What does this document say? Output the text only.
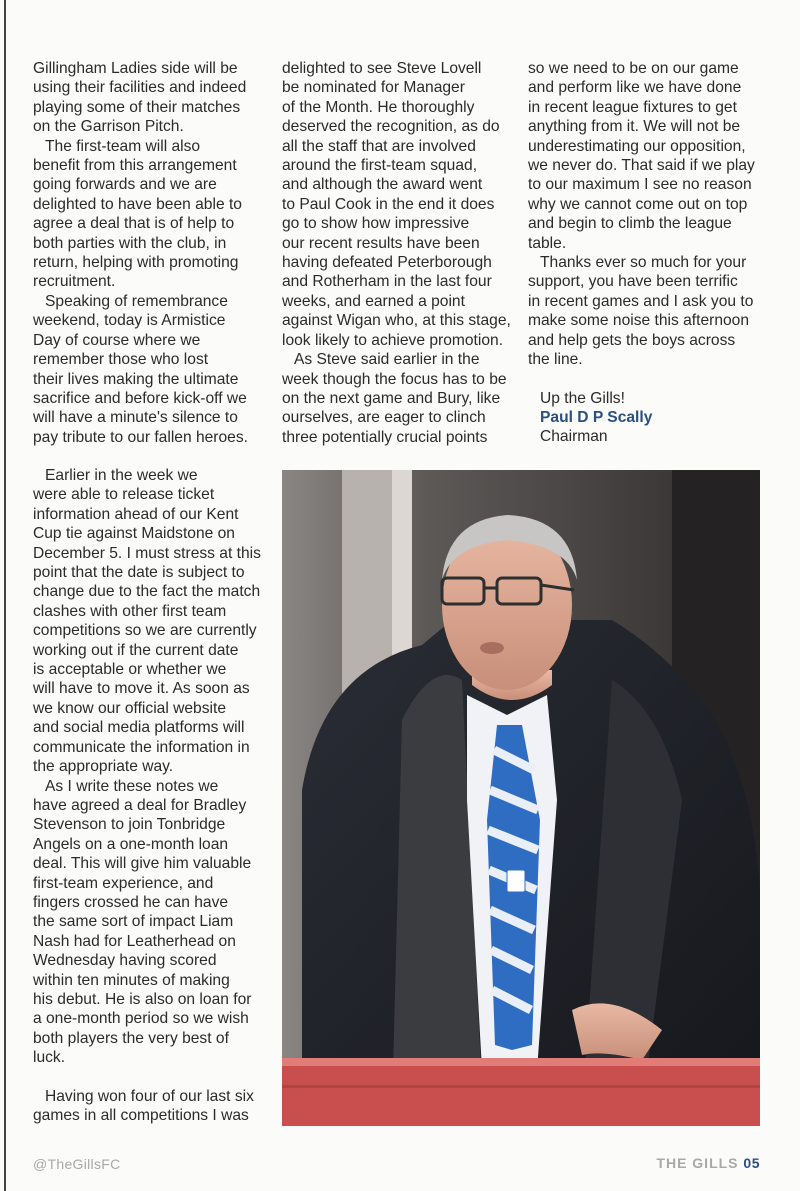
Gillingham Ladies side will be
using their facilities and indeed
playing some of their matches
on the Garrison Pitch.
The first-team will also
benefit from this arrangement
going forwards and we are
delighted to have been able to
agree a deal that is of help to
both parties with the club, in
return, helping with promoting
recruitment.
Speaking of remembrance
weekend, today is Armistice
Day of course where we
remember those who lost
their lives making the ultimate
sacrifice and before kick-off we
will have a minute's silence to
pay tribute to our fallen heroes.
delighted to see Steve Lovell
be nominated for Manager
of the Month. He thoroughly
deserved the recognition, as do
all the staff that are involved
around the first-team squad,
and although the award went
to Paul Cook in the end it does
go to show how impressive
our recent results have been
having defeated Peterborough
and Rotherham in the last four
weeks, and earned a point
against Wigan who, at this stage,
look likely to achieve promotion.
As Steve said earlier in the
week though the focus has to be
on the next game and Bury, like
ourselves, are eager to clinch
three potentially crucial points
so we need to be on our game
and perform like we have done
in recent league fixtures to get
anything from it. We will not be
underestimating our opposition,
we never do. That said if we play
to our maximum I see no reason
why we cannot come out on top
and begin to climb the league
table.
Thanks ever so much for your
support, you have been terrific
in recent games and I ask you to
make some noise this afternoon
and help gets the boys across
the line.
Up the Gills!
Paul D P Scally
Chairman
Earlier in the week we
were able to release ticket
information ahead of our Kent
Cup tie against Maidstone on
December 5. I must stress at this
point that the date is subject to
change due to the fact the match
clashes with other first team
competitions so we are currently
working out if the current date
is acceptable or whether we
will have to move it. As soon as
we know our official website
and social media platforms will
communicate the information in
the appropriate way.
As I write these notes we
have agreed a deal for Bradley
Stevenson to join Tonbridge
Angels on a one-month loan
deal. This will give him valuable
first-team experience, and
fingers crossed he can have
the same sort of impact Liam
Nash had for Leatherhead on
Wednesday having scored
within ten minutes of making
his debut. He is also on loan for
a one-month period so we wish
both players the very best of
luck.

Having won four of our last six
games in all competitions I was
@TheGillsFC	THE GILLS 05
